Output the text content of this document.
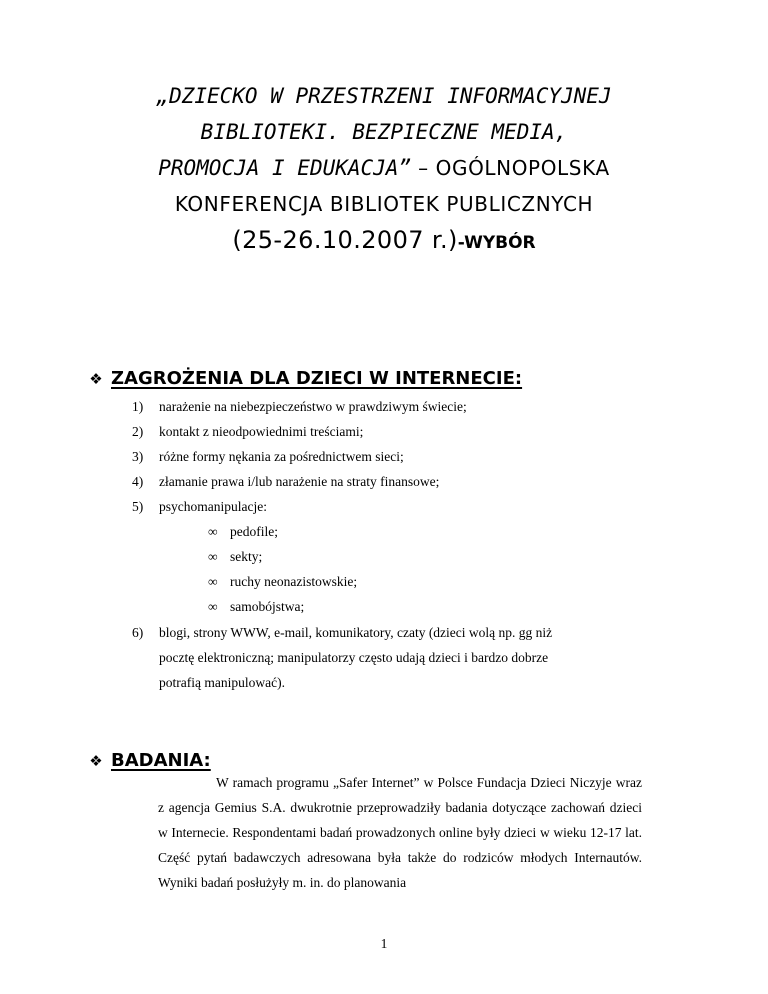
„DZIECKO W PRZESTRZENI INFORMACYJNEJ
BIBLIOTEKI. BEZPIECZNE MEDIA,
PROMOCJA I EDUKACJA” – OGÓLNOPOLSKA
KONFERENCJA BIBLIOTEK PUBLICZNYCH
(25-26.10.2007 r.)-WYBÓR
❖ ZAGROŻENIA DLA DZIECI W INTERNECIE:
1) narażenie na niebezpieczeństwo w prawdziwym świecie;
2) kontakt z nieodpowiednimi treściami;
3) różne formy nękania za pośrednictwem sieci;
4) złamanie prawa i/lub narażenie na straty finansowe;
5) psychomanipulacje:
∞ pedofile;
∞ sekty;
∞ ruchy neonazistowskie;
∞ samobójstwa;
6) blogi, strony WWW, e-mail, komunikatory, czaty (dzieci wolą np. gg niż
pocztę elektroniczną; manipulatorzy często udają dzieci i bardzo dobrze
potrafią manipulować).
❖ BADANIA:

W ramach programu „Safer Internet” w Polsce Fundacja Dzieci Niczyje wraz z agencja Gemius S.A. dwukrotnie przeprowadziły badania dotyczące zachowań dzieci w Internecie. Respondentami badań prowadzonych online były dzieci w wieku 12-17 lat. Część pytań badawczych adresowana była także do rodziców młodych Internautów. Wyniki badań posłużyły m. in. do planowania

1
